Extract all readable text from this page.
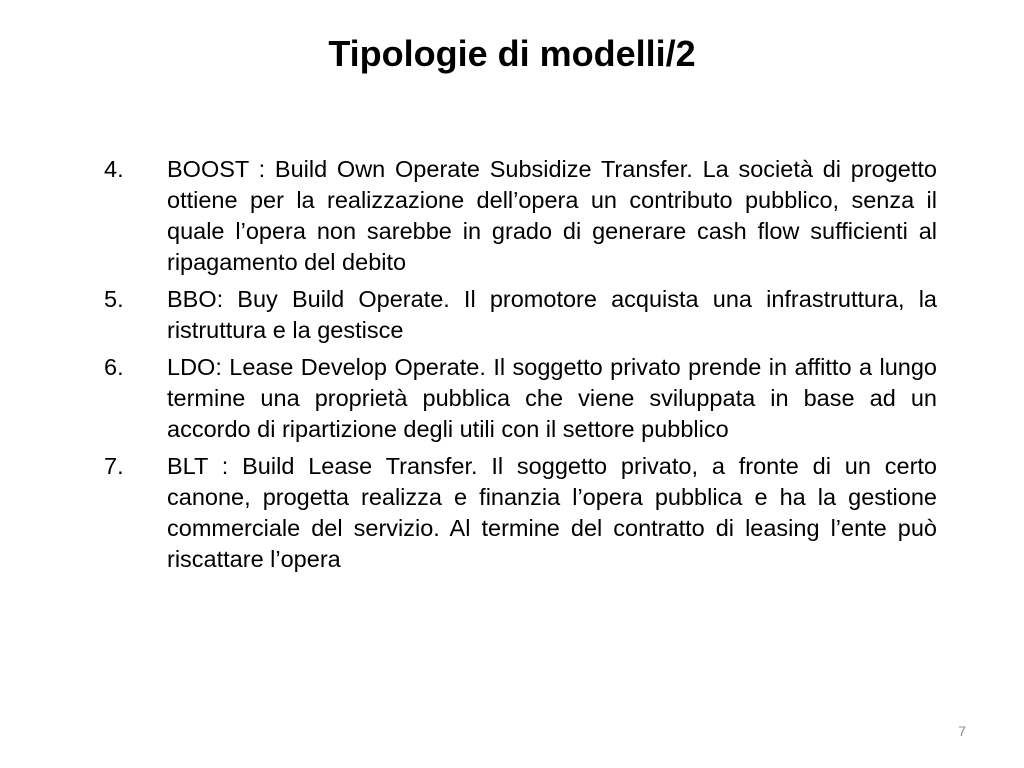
Tipologie di modelli/2
4. BOOST : Build Own Operate Subsidize Transfer. La società di progetto ottiene per la realizzazione dell’opera un contributo pubblico, senza il quale l’opera non sarebbe in grado di generare cash flow sufficienti al ripagamento del debito
5. BBO: Buy Build Operate. Il promotore acquista una infrastruttura, la ristruttura e la gestisce
6. LDO: Lease Develop Operate. Il soggetto privato prende in affitto a lungo termine una proprietà pubblica che viene sviluppata in base ad un accordo di ripartizione degli utili con il settore pubblico
7. BLT : Build Lease Transfer. Il soggetto privato, a fronte di un certo canone, progetta realizza e finanzia l’opera pubblica e ha la gestione commerciale del servizio. Al termine del contratto di leasing l’ente può riscattare l’opera
7
